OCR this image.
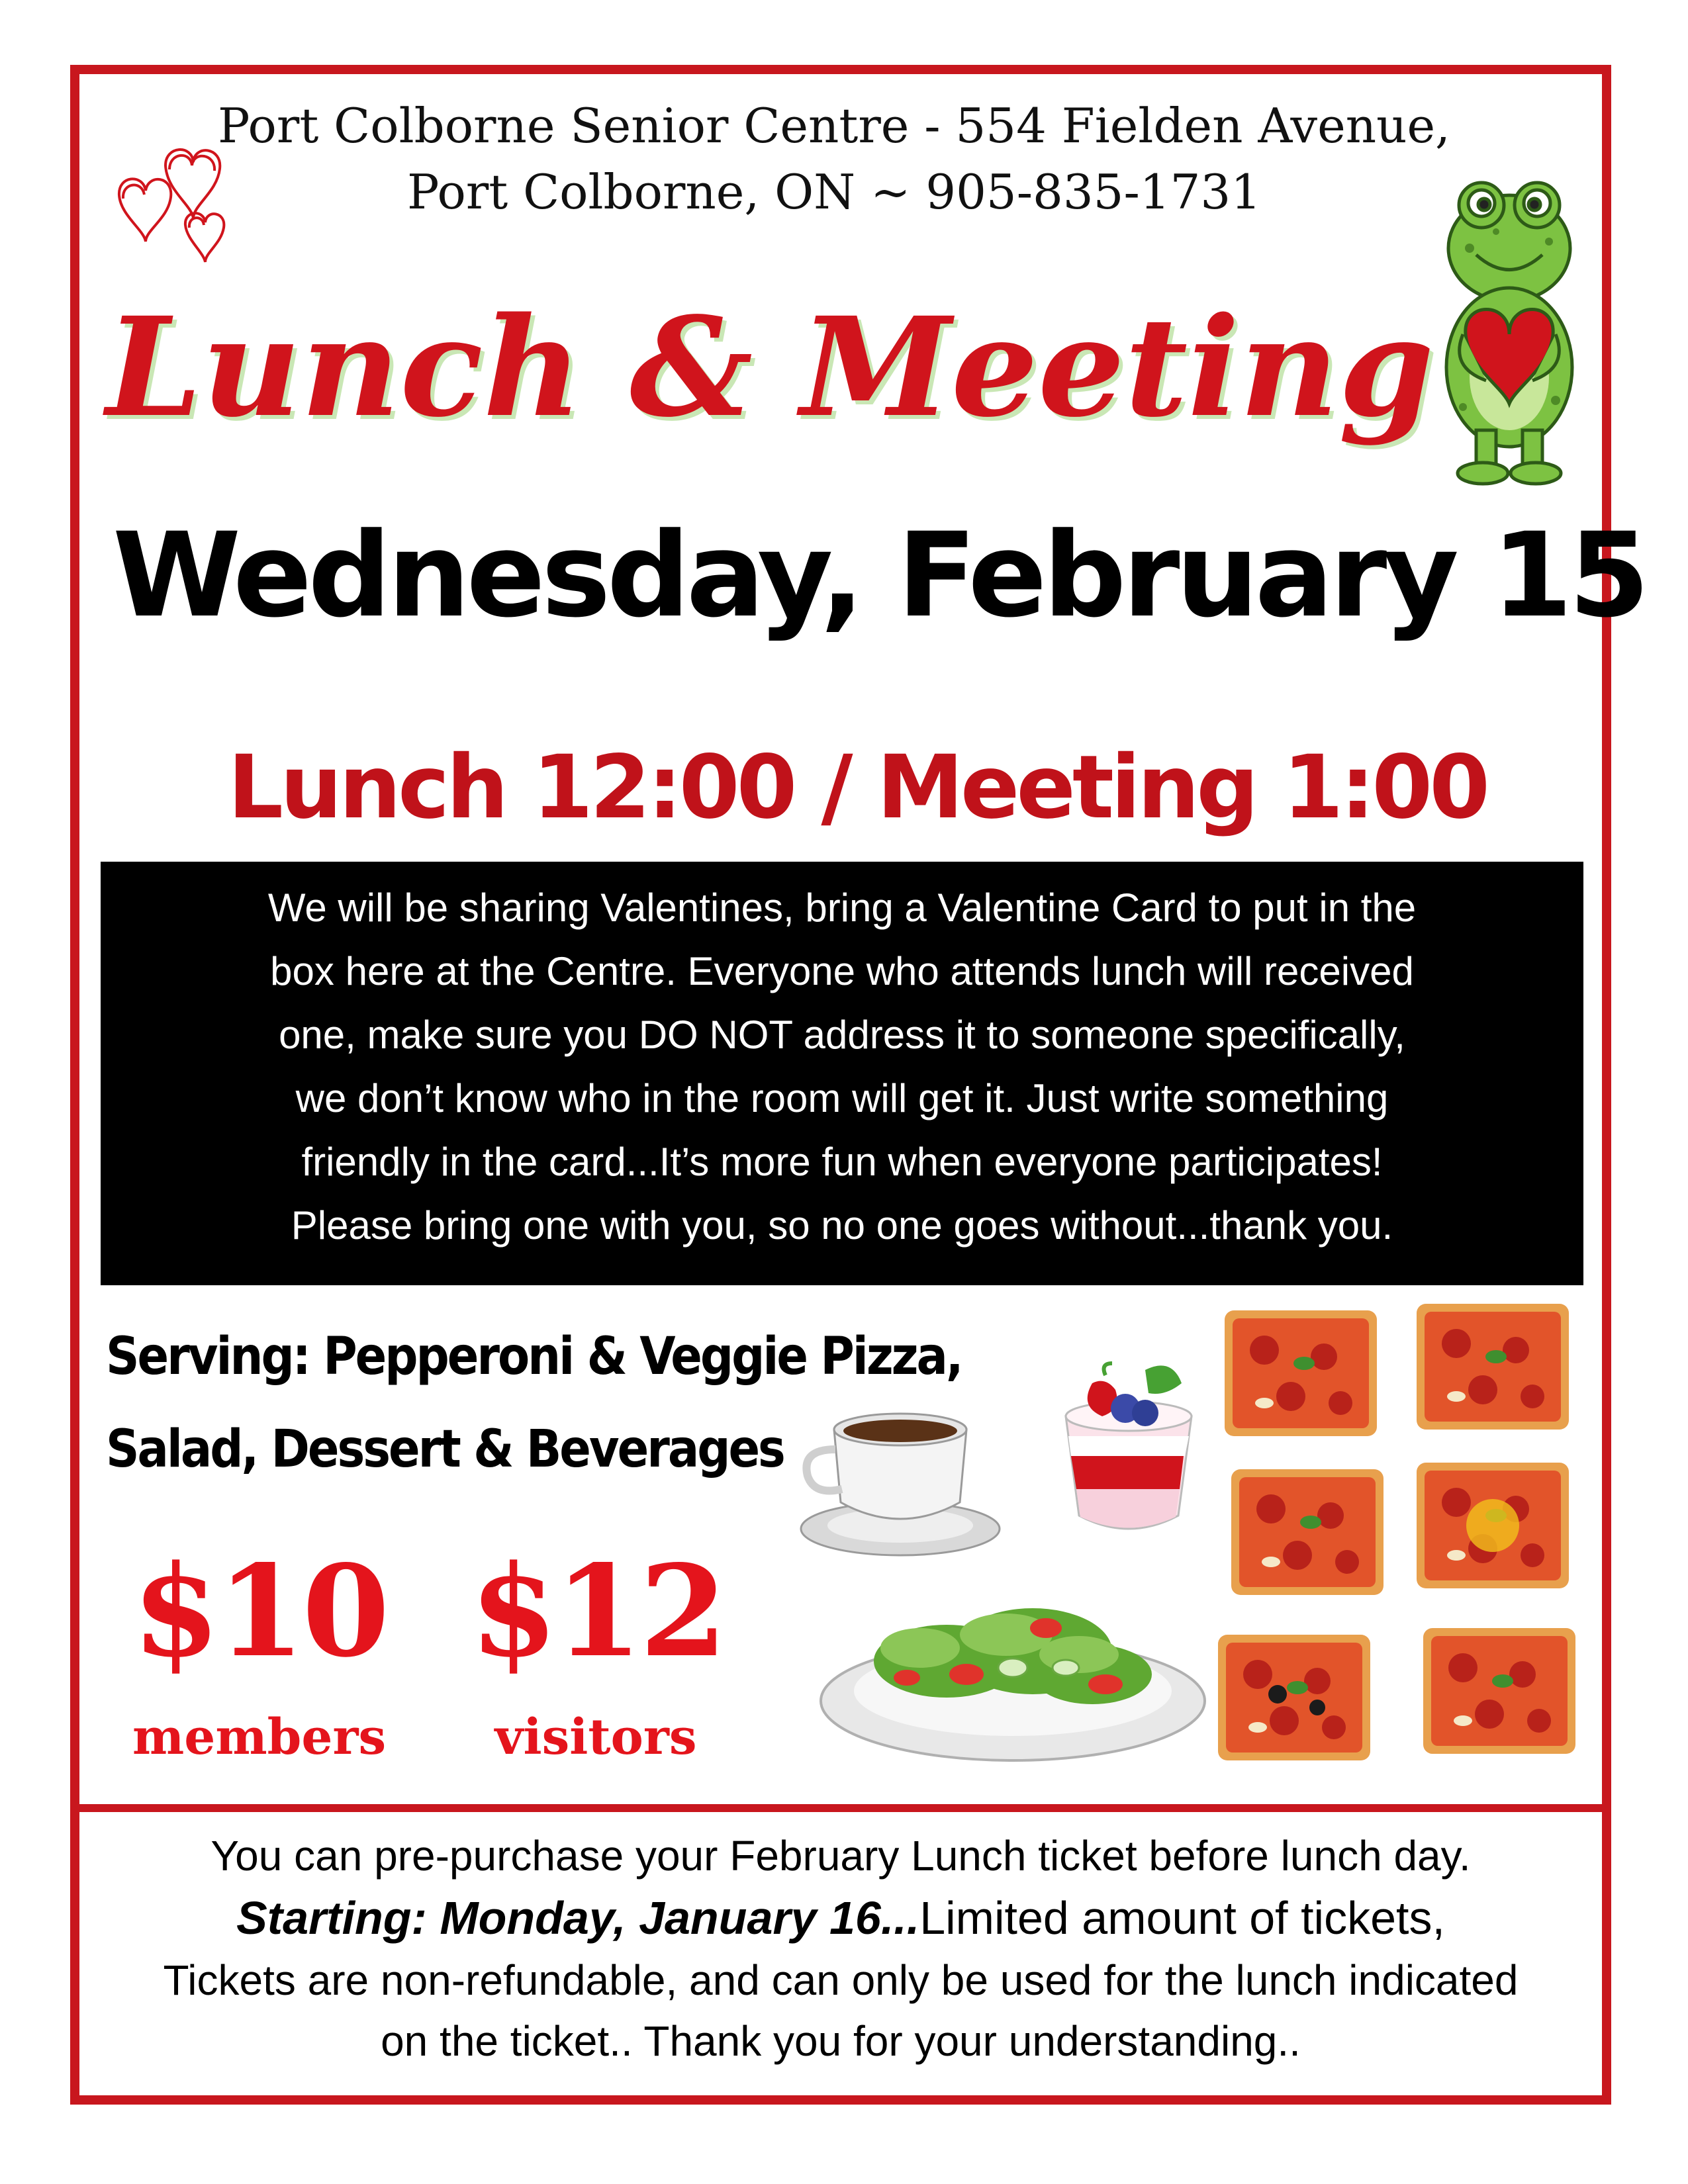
Port Colborne Senior Centre - 554 Fielden Avenue,
Port Colborne, ON ~ 905-835-1731
Lunch & Meeting
Wednesday, February 15
Lunch 12:00 / Meeting 1:00
We will be sharing Valentines, bring a Valentine Card to put in the
box here at the Centre. Everyone who attends lunch will received
one, make sure you DO NOT address it to someone specifically,
we don’t know who in the room will get it. Just write something
friendly in the card...It’s more fun when everyone participates!
Please bring one with you, so no one goes without...thank you.
Serving: Pepperoni & Veggie Pizza,
Salad, Dessert & Beverages
$10
members
$12
visitors
You can pre-purchase your February Lunch ticket before lunch day.
Starting: Monday, January 16...Limited amount of tickets,
Tickets are non-refundable, and can only be used for the lunch indicated
on the ticket.. Thank you for your understanding..
